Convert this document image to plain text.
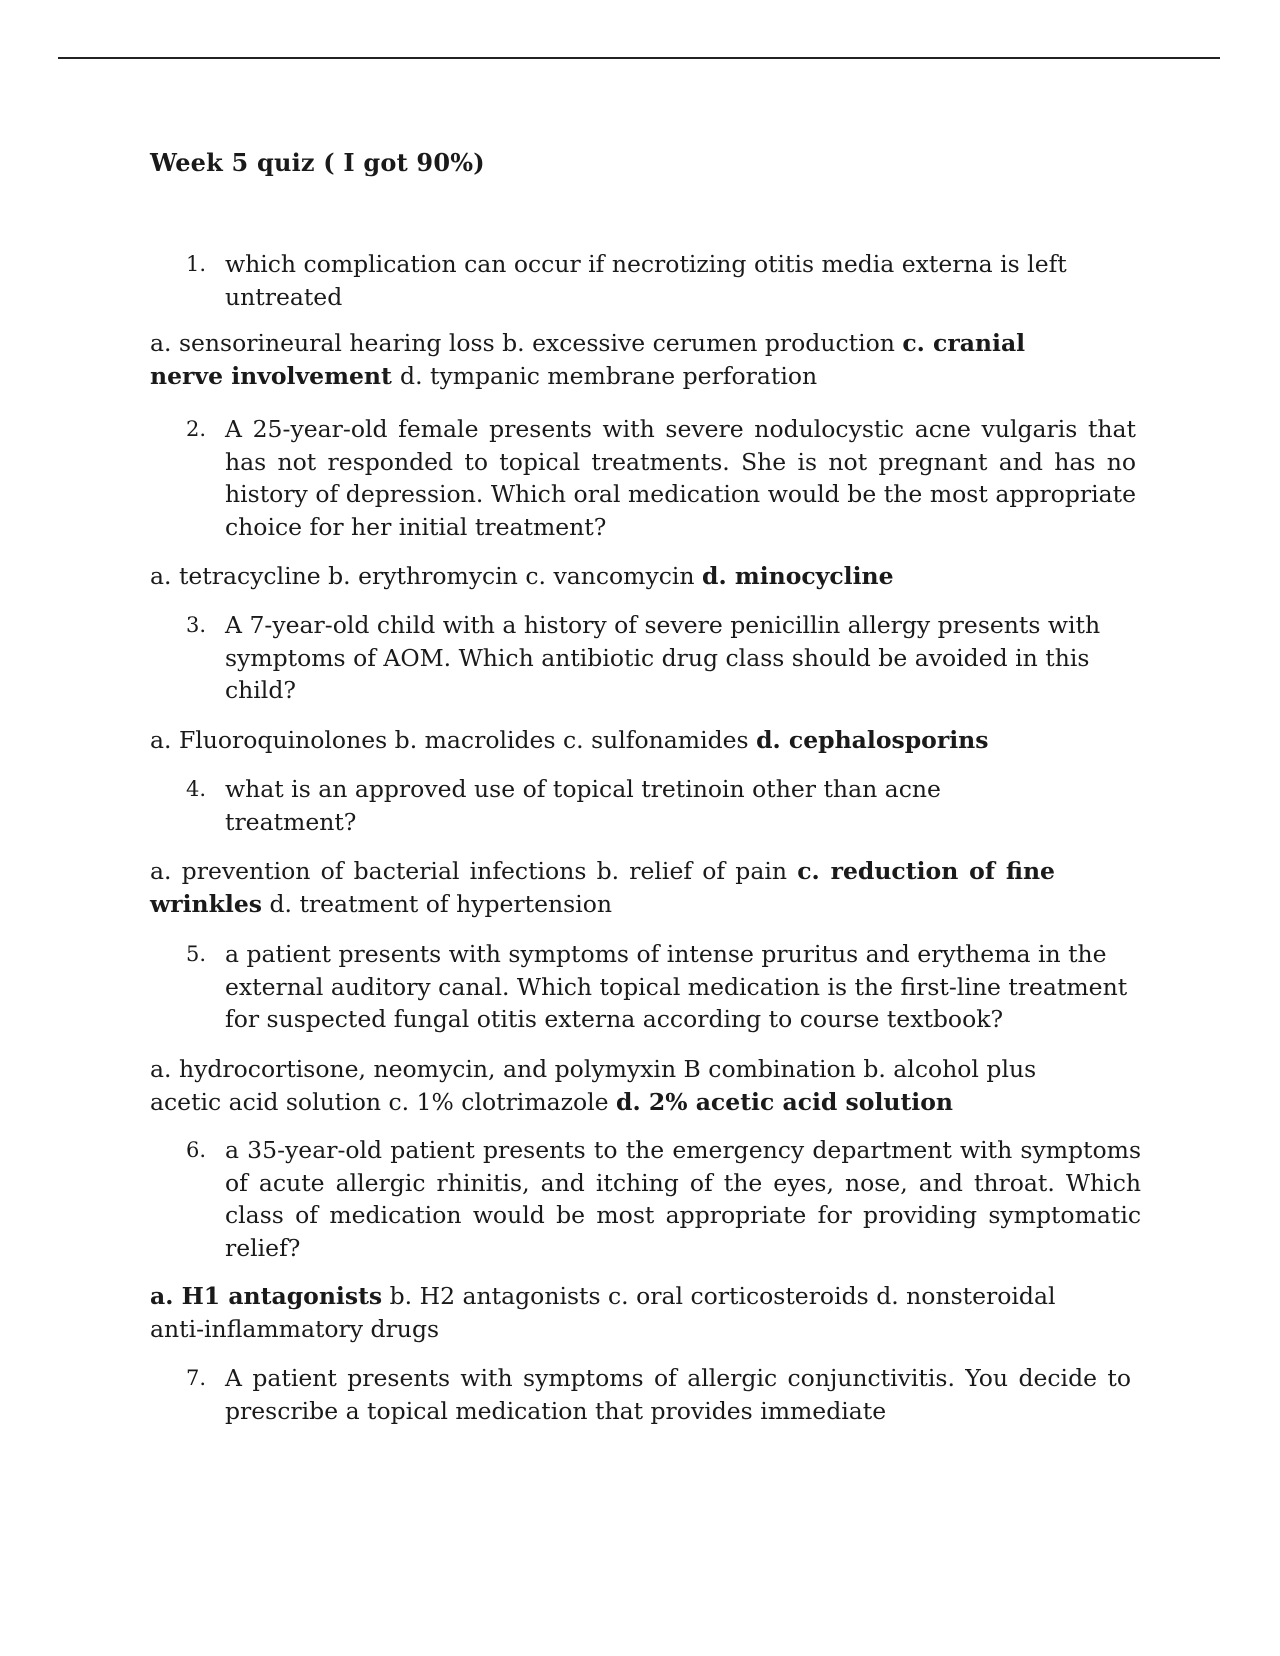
Week 5 quiz ( I got 90%)
1. which complication can occur if necrotizing otitis media externa is left untreated
a. sensorineural hearing loss b. excessive cerumen production c. cranial nerve involvement d. tympanic membrane perforation
2. A 25-year-old female presents with severe nodulocystic acne vulgaris that has not responded to topical treatments. She is not pregnant and has no history of depression. Which oral medication would be the most appropriate choice for her initial treatment?
a. tetracycline b. erythromycin c. vancomycin d. minocycline
3. A 7-year-old child with a history of severe penicillin allergy presents with symptoms of AOM. Which antibiotic drug class should be avoided in this child?
a. Fluoroquinolones b. macrolides c. sulfonamides d. cephalosporins
4. what is an approved use of topical tretinoin other than acne treatment?
a. prevention of bacterial infections b. relief of pain c. reduction of fine wrinkles d. treatment of hypertension
5. a patient presents with symptoms of intense pruritus and erythema in the external auditory canal. Which topical medication is the first-line treatment for suspected fungal otitis externa according to course textbook?
a. hydrocortisone, neomycin, and polymyxin B combination b. alcohol plus acetic acid solution c. 1% clotrimazole d. 2% acetic acid solution
6. a 35-year-old patient presents to the emergency department with symptoms of acute allergic rhinitis, and itching of the eyes, nose, and throat. Which class of medication would be most appropriate for providing symptomatic relief?
a. H1 antagonists b. H2 antagonists c. oral corticosteroids d. nonsteroidal anti-inflammatory drugs
7. A patient presents with symptoms of allergic conjunctivitis. You decide to prescribe a topical medication that provides immediate
